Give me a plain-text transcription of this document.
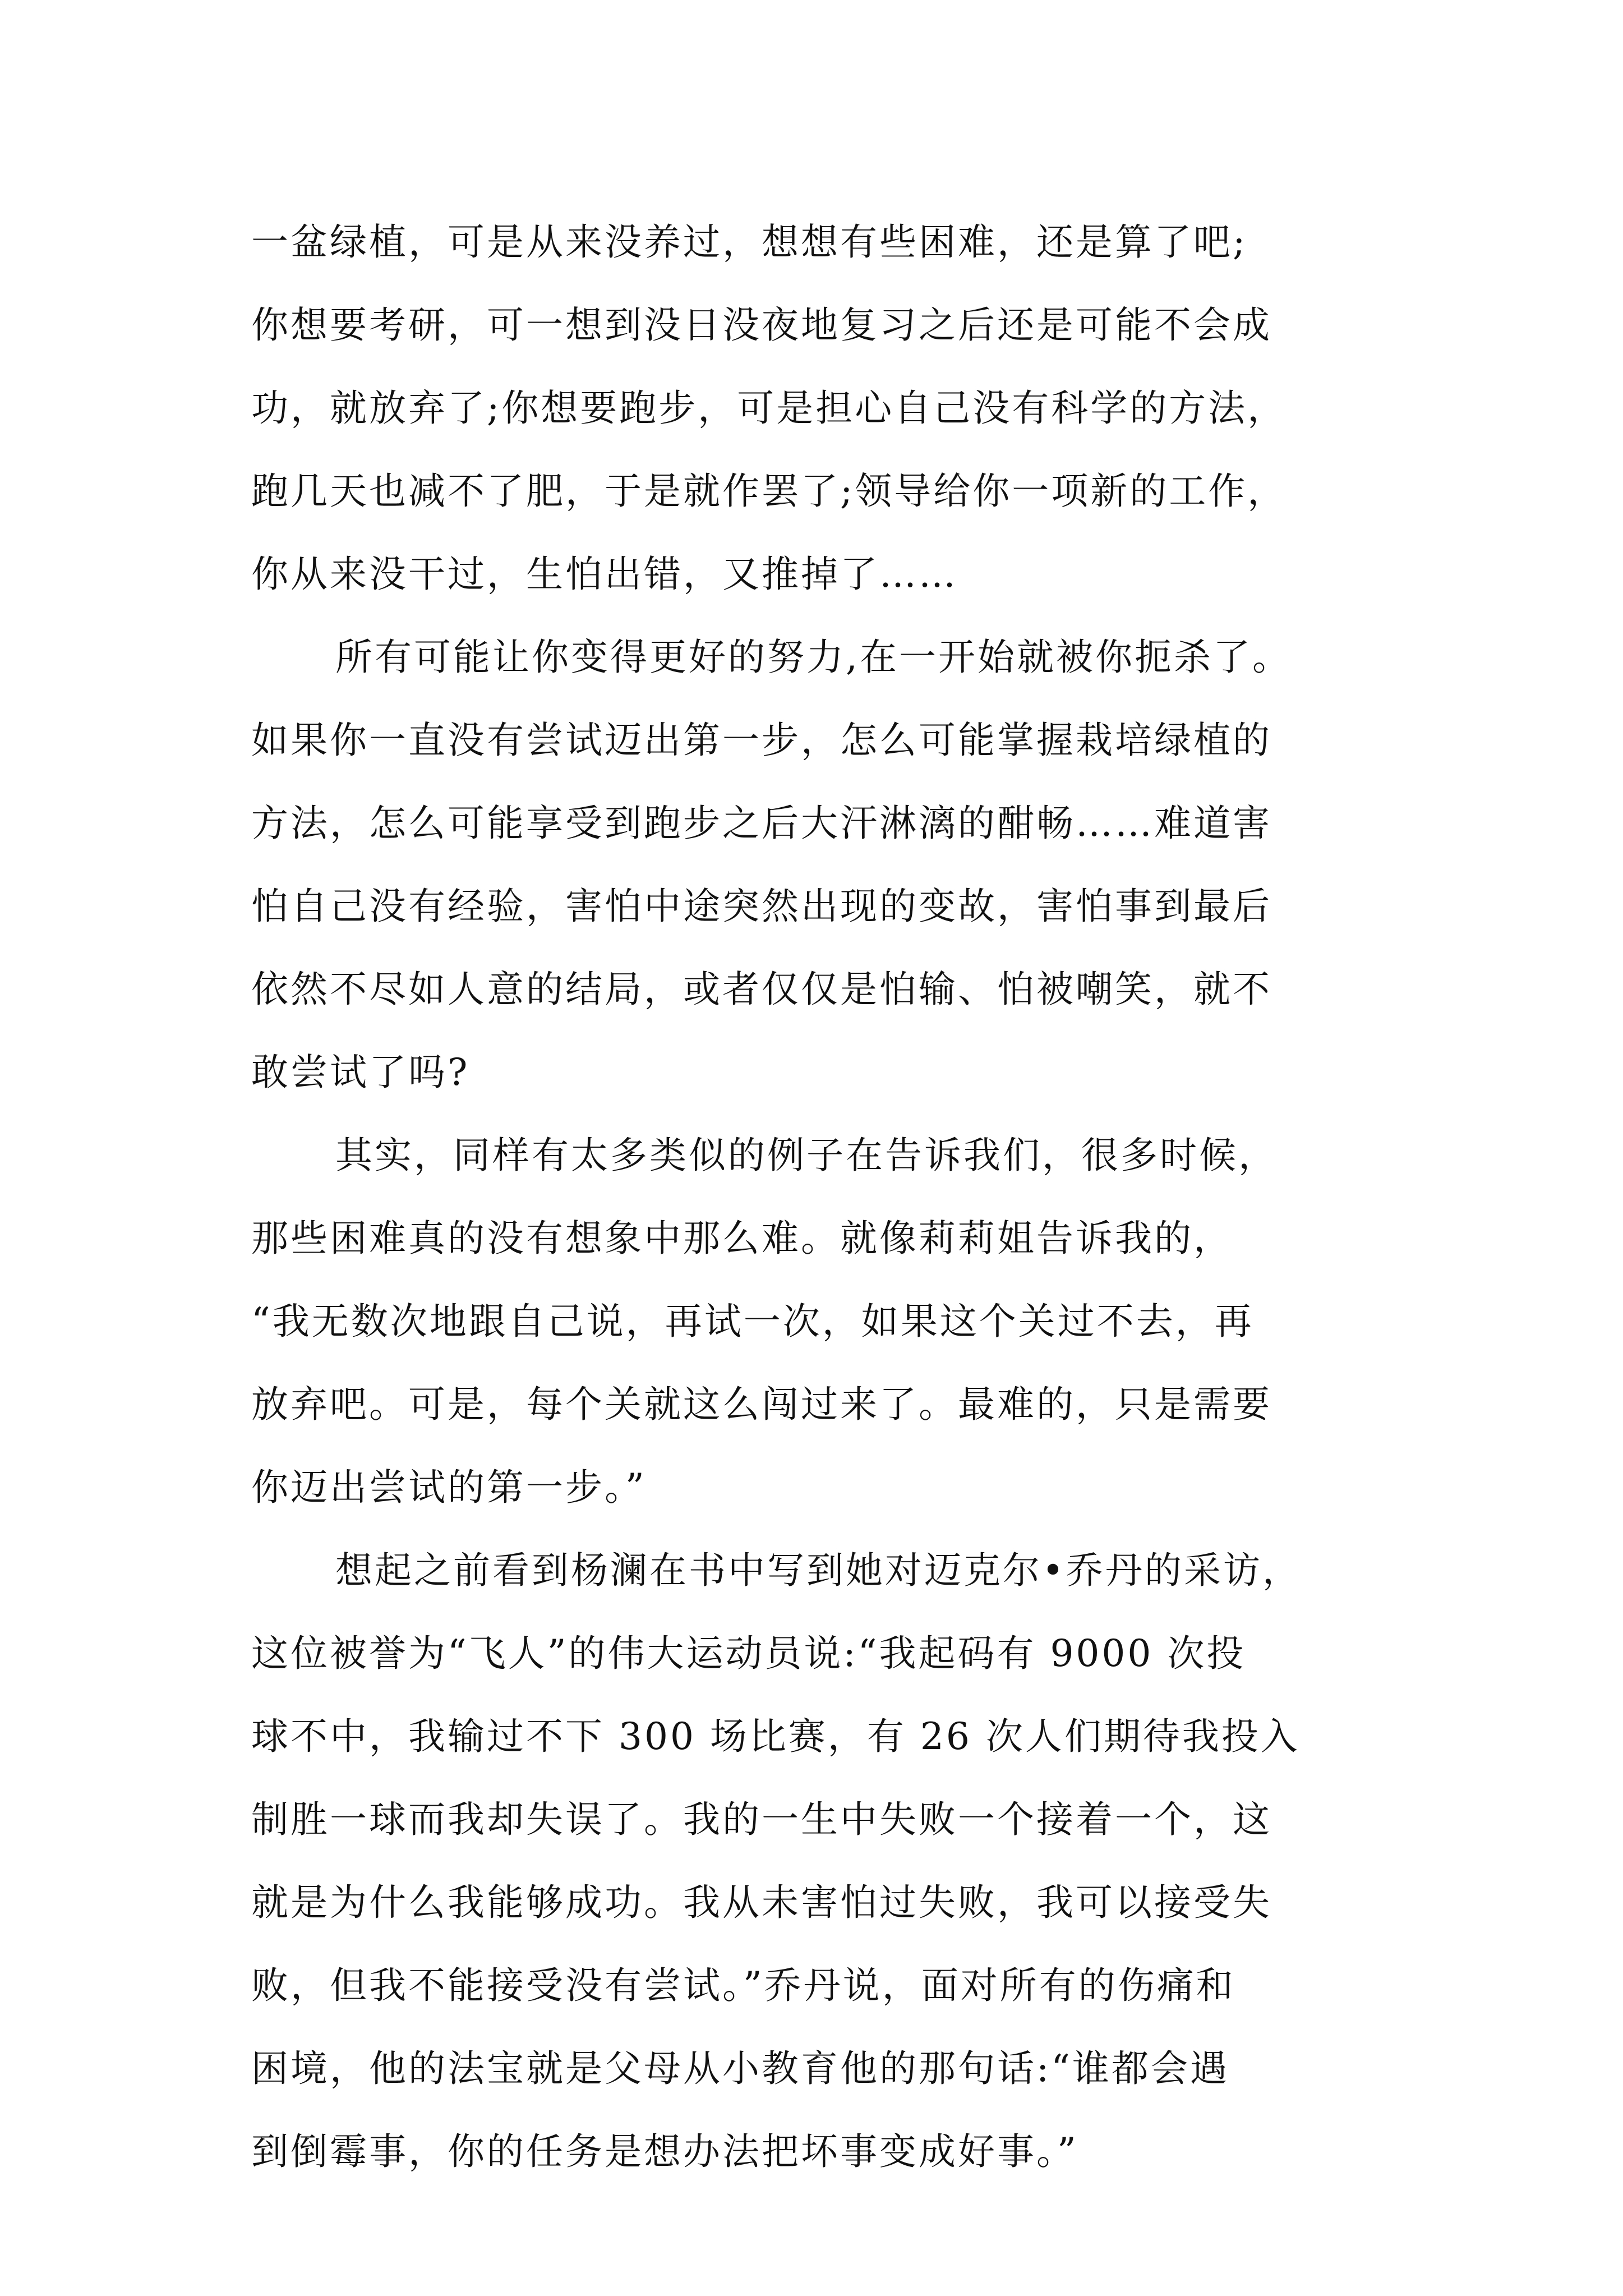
一盆绿植，可是从来没养过，想想有些困难，还是算了吧;
你想要考研，可一想到没日没夜地复习之后还是可能不会成
功，就放弃了;你想要跑步，可是担心自己没有科学的方法，
跑几天也减不了肥，于是就作罢了;领导给你一项新的工作，
你从来没干过，生怕出错，又推掉了……
所有可能让你变得更好的努力,在一开始就被你扼杀了。
如果你一直没有尝试迈出第一步，怎么可能掌握栽培绿植的
方法，怎么可能享受到跑步之后大汗淋漓的酣畅……难道害
怕自己没有经验，害怕中途突然出现的变故，害怕事到最后
依然不尽如人意的结局，或者仅仅是怕输、怕被嘲笑，就不
敢尝试了吗?
其实，同样有太多类似的例子在告诉我们，很多时候，
那些困难真的没有想象中那么难。就像莉莉姐告诉我的，
“我无数次地跟自己说，再试一次，如果这个关过不去，再
放弃吧。可是，每个关就这么闯过来了。最难的，只是需要
你迈出尝试的第一步。”
想起之前看到杨澜在书中写到她对迈克尔•乔丹的采访，
这位被誉为“飞人”的伟大运动员说:“我起码有 9000 次投
球不中，我输过不下 300 场比赛，有 26 次人们期待我投入
制胜一球而我却失误了。我的一生中失败一个接着一个，这
就是为什么我能够成功。我从未害怕过失败，我可以接受失
败，但我不能接受没有尝试。”乔丹说，面对所有的伤痛和
困境，他的法宝就是父母从小教育他的那句话:“谁都会遇
到倒霉事，你的任务是想办法把坏事变成好事。”
